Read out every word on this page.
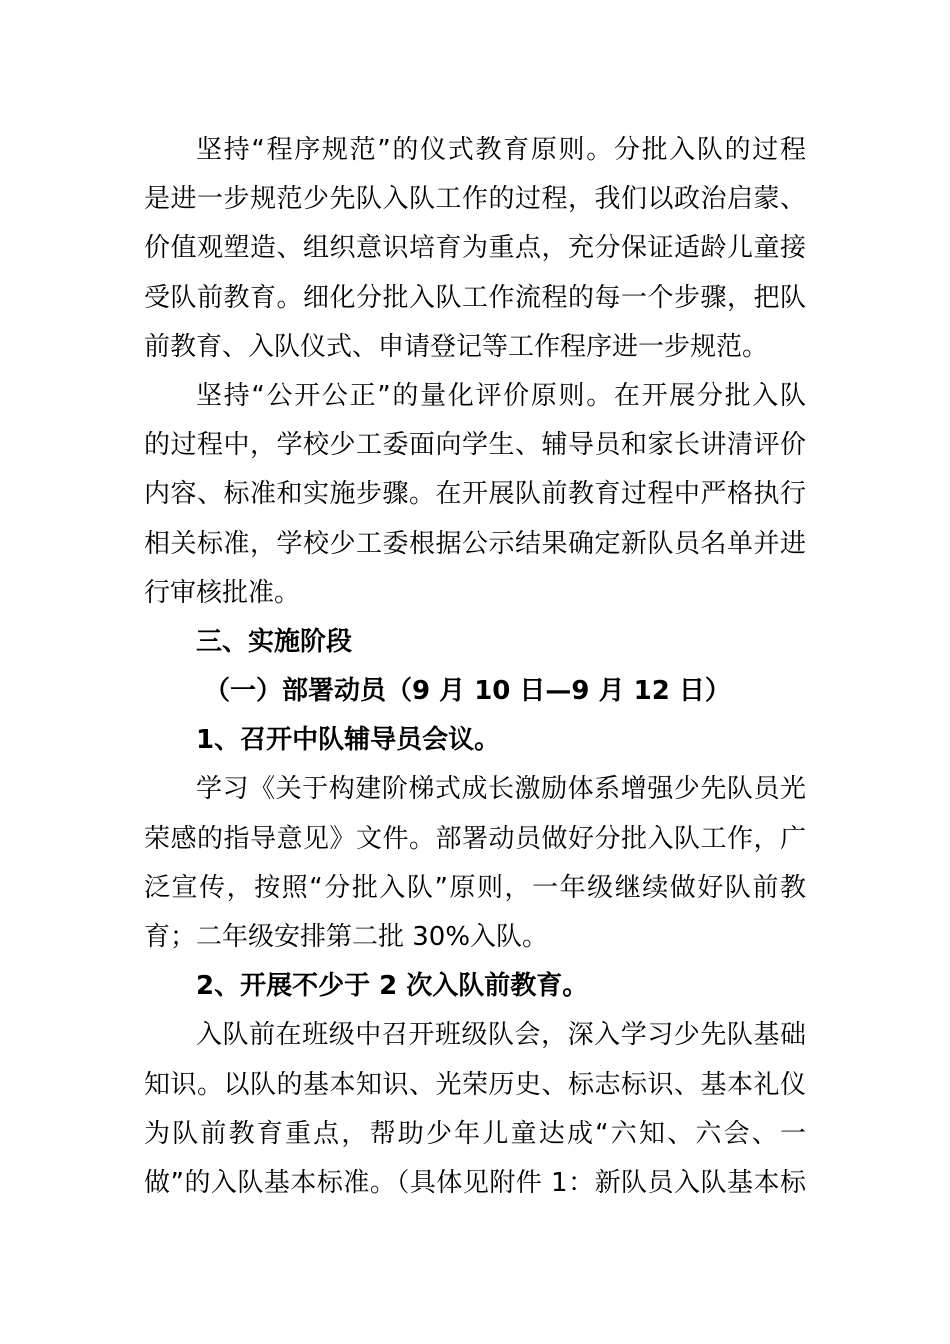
坚持“程序规范”的仪式教育原则。分批入队的过程
是进一步规范少先队入队工作的过程，我们以政治启蒙、
价值观塑造、组织意识培育为重点，充分保证适龄儿童接
受队前教育。细化分批入队工作流程的每一个步骤，把队
前教育、入队仪式、申请登记等工作程序进一步规范。
坚持“公开公正”的量化评价原则。在开展分批入队
的过程中，学校少工委面向学生、辅导员和家长讲清评价
内容、标准和实施步骤。在开展队前教育过程中严格执行
相关标准，学校少工委根据公示结果确定新队员名单并进
行审核批准。
三、实施阶段
（一）部署动员（9 月 10 日—9 月 12 日）
1、召开中队辅导员会议。
学习《关于构建阶梯式成长激励体系增强少先队员光
荣感的指导意见》文件。部署动员做好分批入队工作，广
泛宣传，按照“分批入队”原则，一年级继续做好队前教
育；二年级安排第二批 30%入队。
2、开展不少于 2 次入队前教育。
入队前在班级中召开班级队会，深入学习少先队基础
知识。以队的基本知识、光荣历史、标志标识、基本礼仪
为队前教育重点，帮助少年儿童达成“六知、六会、一
做”的入队基本标准。（具体见附件 1：新队员入队基本标
